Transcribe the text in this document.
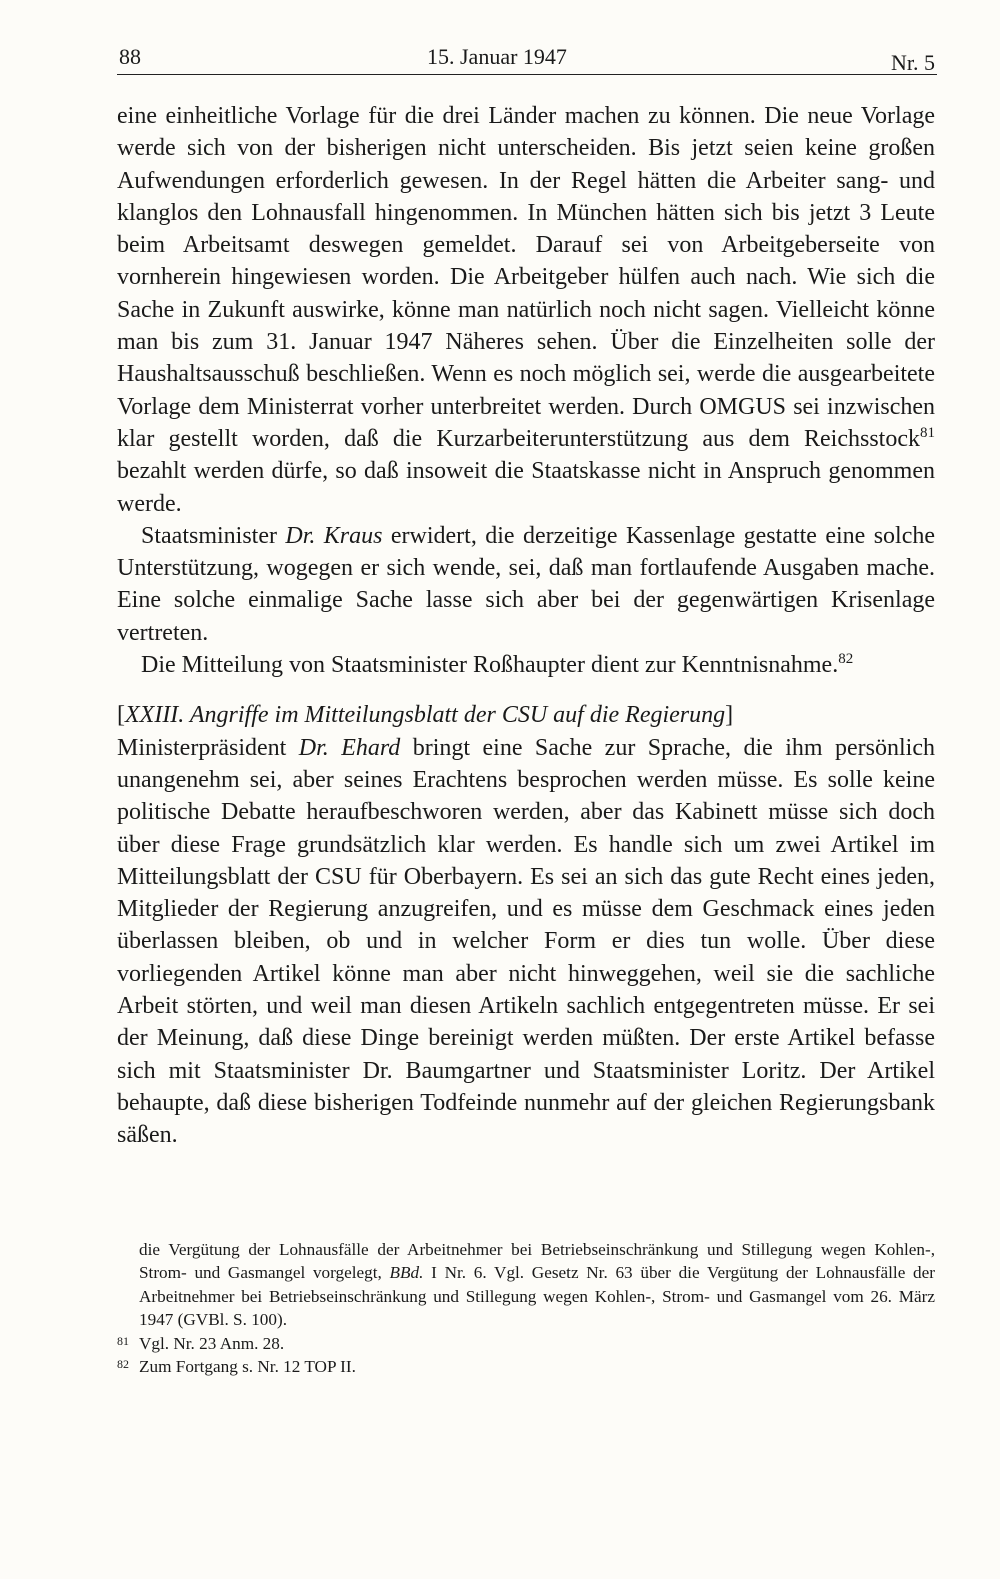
88	15. Januar 1947	Nr. 5

eine einheitliche Vorlage für die drei Länder machen zu können. Die neue Vorlage werde sich von der bisherigen nicht unterscheiden. Bis jetzt seien keine großen Aufwendungen erforderlich gewesen. In der Regel hätten die Arbeiter sang- und klanglos den Lohnausfall hingenommen. In München hätten sich bis jetzt 3 Leute beim Arbeitsamt deswegen gemeldet. Darauf sei von Arbeitgeberseite von vornherein hingewiesen worden. Die Arbeitgeber hülfen auch nach. Wie sich die Sache in Zukunft auswirke, könne man natürlich noch nicht sagen. Vielleicht könne man bis zum 31. Januar 1947 Näheres sehen. Über die Einzelheiten solle der Haushaltsausschuß beschließen. Wenn es noch möglich sei, werde die ausgearbeitete Vorlage dem Ministerrat vorher unterbreitet werden. Durch OMGUS sei inzwischen klar gestellt worden, daß die Kurzarbeiterunterstützung aus dem Reichsstock$^{81}$ bezahlt werden dürfe, so daß insoweit die Staatskasse nicht in Anspruch genommen werde.

Staatsminister Dr. Kraus erwidert, die derzeitige Kassenlage gestatte eine solche Unterstützung, wogegen er sich wende, sei, daß man fortlaufende Ausgaben mache. Eine solche einmalige Sache lasse sich aber bei der gegenwärtigen Krisenlage vertreten.

Die Mitteilung von Staatsminister Roßhaupter dient zur Kenntnisnahme.$^{82}$

[XXIII. Angriffe im Mitteilungsblatt der CSU auf die Regierung]

Ministerpräsident Dr. Ehard bringt eine Sache zur Sprache, die ihm persönlich unangenehm sei, aber seines Erachtens besprochen werden müsse. Es solle keine politische Debatte heraufbeschworen werden, aber das Kabinett müsse sich doch über diese Frage grundsätzlich klar werden. Es handle sich um zwei Artikel im Mitteilungsblatt der CSU für Oberbayern. Es sei an sich das gute Recht eines jeden, Mitglieder der Regierung anzugreifen, und es müsse dem Geschmack eines jeden überlassen bleiben, ob und in welcher Form er dies tun wolle. Über diese vorliegenden Artikel könne man aber nicht hinweggehen, weil sie die sachliche Arbeit störten, und weil man diesen Artikeln sachlich entgegentreten müsse. Er sei der Meinung, daß diese Dinge bereinigt werden müßten. Der erste Artikel befasse sich mit Staatsminister Dr. Baumgartner und Staatsminister Loritz. Der Artikel behaupte, daß diese bisherigen Todfeinde nunmehr auf der gleichen Regierungsbank säßen.

die Vergütung der Lohnausfälle der Arbeitnehmer bei Betriebseinschränkung und Stillegung wegen Kohlen-, Strom- und Gasmangel vorgelegt, BBd. I Nr. 6. Vgl. Gesetz Nr. 63 über die Vergütung der Lohnausfälle der Arbeitnehmer bei Betriebseinschränkung und Stillegung wegen Kohlen-, Strom- und Gasmangel vom 26. März 1947 (GVBl. S. 100).

81 Vgl. Nr. 23 Anm. 28.
82 Zum Fortgang s. Nr. 12 TOP II.
